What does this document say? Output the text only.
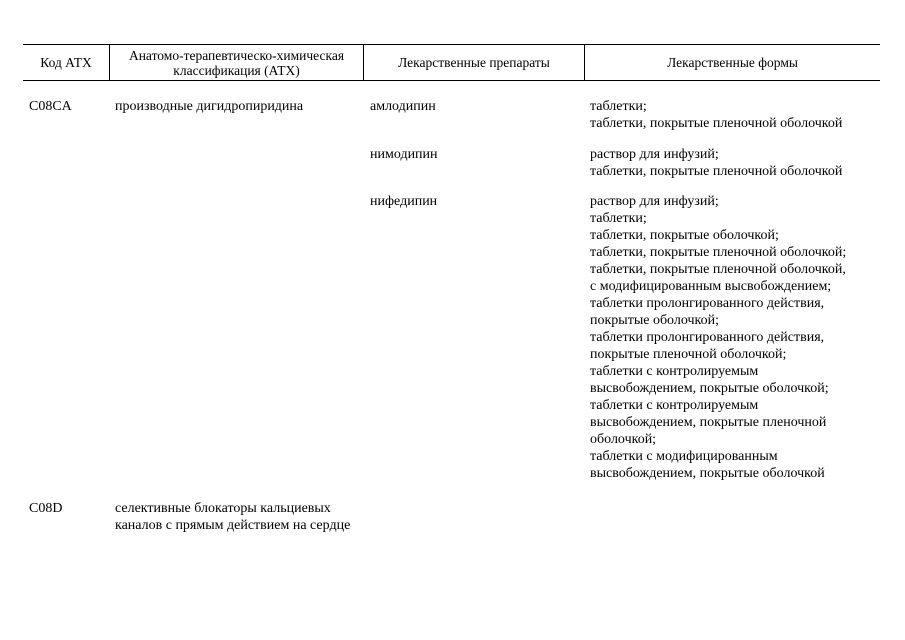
Код АТХ	Анатомо-терапевтическо-химическая классификация (АТХ)	Лекарственные препараты	Лекарственные формы
C08CA	производные дигидропиридина	амлодипин	таблетки;
таблетки, покрытые пленочной оболочкой
нимодипин	раствор для инфузий;
таблетки, покрытые пленочной оболочкой
нифедипин	раствор для инфузий;
таблетки;
таблетки, покрытые оболочкой;
таблетки, покрытые пленочной оболочкой;
таблетки, покрытые пленочной оболочкой,
с модифицированным высвобождением;
таблетки пролонгированного действия,
покрытые оболочкой;
таблетки пролонгированного действия,
покрытые пленочной оболочкой;
таблетки с контролируемым
высвобождением, покрытые оболочкой;
таблетки с контролируемым
высвобождением, покрытые пленочной
оболочкой;
таблетки с модифицированным
высвобождением, покрытые оболочкой
C08D	селективные блокаторы кальциевых каналов с прямым действием на сердце
